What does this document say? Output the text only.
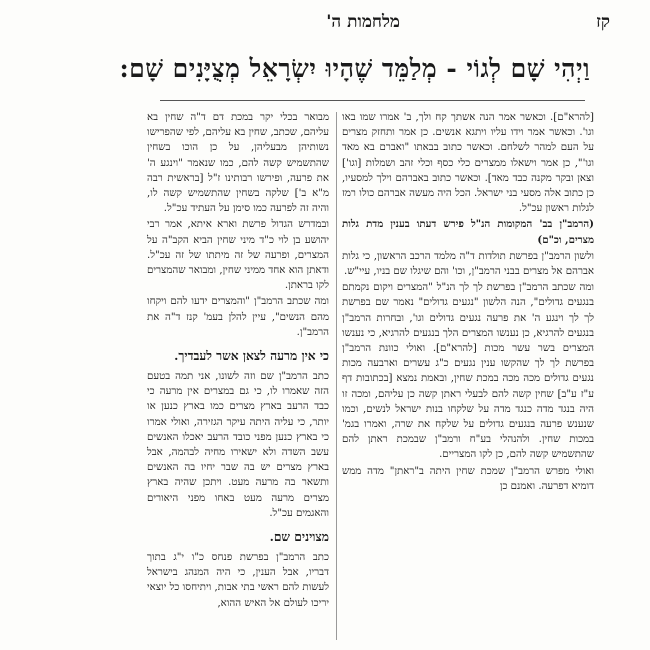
מלחמות ה'	קז
וַיְהִי שָׁם לְגוֹי - מְלַמֵּד שֶׁהָיוּ יִשְׂרָאֵל מְצֻיָּנִים שָׁם:

[להרא"ם]. וכאשר אמר הנה אשתך קח ולך, ב' אמרו שמו באו וגו'. וכאשר אמר וידו עליו ויתגא אנשים. כן אמר ותחזק מצרים על העם למהר לשלחם. וכאשר כתוב בבאתו "ואברם בא מאד וגו'", כן אמר וישאלו ממצרים כלי כסף וכלי זהב ושמלות [וגו'] וצאן ובקר מקנה כבד מאד]. וכאשר כתוב באברהם וילך למסעיו, כן כתוב אלה מסעי בני ישראל. הכל היה מעשה אברהם כולו רמז לגלות ראשון עכ"ל.

(הרמב"ן בב' המקומות הנ"ל פירש דעתו בענין מדת גלות מצרים, וכ"ם)

ולשון הרמב"ן בפרשת תולדות ד"ה מלמד הרכב הראשון, כי גלות אברהם אל מצרים בבני הרמב"ן, וכו' והם שיגלו שם בניו, עיי"ש.

ומה שכתב הרמב"ן בפרשת לך לך הנ"ל "המצרים ויקום נקמתם בנגעים גדולים", הנה הלשון "נגעים גדולים" נאמר שם בפרשת לך לך וינגע ה' את פרעה נגעים גדולים וגו', ובחרות הרמב"ן בנגעים להרגיא, כן נענשו המצרים הלך בנגעים להרגיא, כי נענשו המצרים בשר עשר מכות [להרא"ם]. ואולי כוונת הרמב"ן בפרשת לך לך שהקשו ענין נגעים כ"ג עשרים וארבעה מכות נגעים גדולים מכה מכה במכת שחין, ובאמת נמצא [בכתובות דף ע"ז ע"ב] שחין קשה להם לבעלי ראתן קשה כן עליהם, ומכה זו היה בנגד מדה כנגד מדה על שלקחו בנות ישראל לנשים, וכמו שנענש פרעה בנגעים גדולים על שלקח את שרה, ואמרו בגמ' במכות שחין. ולהנהלי בע"ח ורמב"ן שבמכת ראתן להם שהתשמיש קשה להם, כן לקו המצריים.

ואולי מפרש הרמב"ן שמכת שחין היתה ב"ראתן" מדה ממש דומיא דפרעה. ואמנם כן

מבואר בכלי יקר במכת דם ד"ה שחין בא עליהם, שכתב, שחין בא עליהם, לפי שהפרישו נשותיהן מבעליהן, על כן הוכו בשחין שהתשמיש קשה להם, כמו שנאמר "וינגע ה' את פרעה, ופירשו רבותינו ז"ל [בראשית רבה מ"א ב'] שלקה בשחין שהתשמיש קשה לו, והיה זה לפרעה כמו סימן על העתיד עכ"ל.

ובמדרש הגדול פרשת וארא איתא, אמר רבי יהושע בן לוי כ"ד מיני שחין הביא הקב"ה על המצרים, ופרעה של זה מיתתו של זה עכ"ל. ודאתן הוא אחד ממיני שחין, ומבואר שהמצרים לקו בראתן.

ומה שכתב הרמב"ן "והמצרים ידעו להם ויקחו מהם הנשים", עיין להלן בעמ' קנז ד"ה את הרמב"ן.

כי אין מרעה לצאן אשר לעבדיך.

כתב הרמב"ן שם וזה לשונו, אני תמה בטעם הזה שאמרו לו, כי גם במצרים אין מרעה כי כבד הרעב בארץ מצרים כמו בארץ כנען או יותר, כי עליה היתה עיקר הגזירה, ואולי אמרו כי בארץ כנען מפני כובד הרעב יאכלו האנשים עשב השדה ולא ישאירו מחיה לבהמה, אבל בארץ מצרים יש בה שבר יחיו בה האנשים ותשאר בה מרעה מעט. ויתכן שהיה בארץ מצרים מרעה מעט באחו מפני היאורים והאגמים עכ"ל.

מצוינים שם.

כתב הרמב"ן בפרשת פנחס כ"ו י"ג בתוך דבריו, אבל הענין, כי היה המנהג בישראל לעשות להם ראשי בתי אבות, ויתיחסו כל יוצאי יריכו לעולם אל האיש ההוא,
